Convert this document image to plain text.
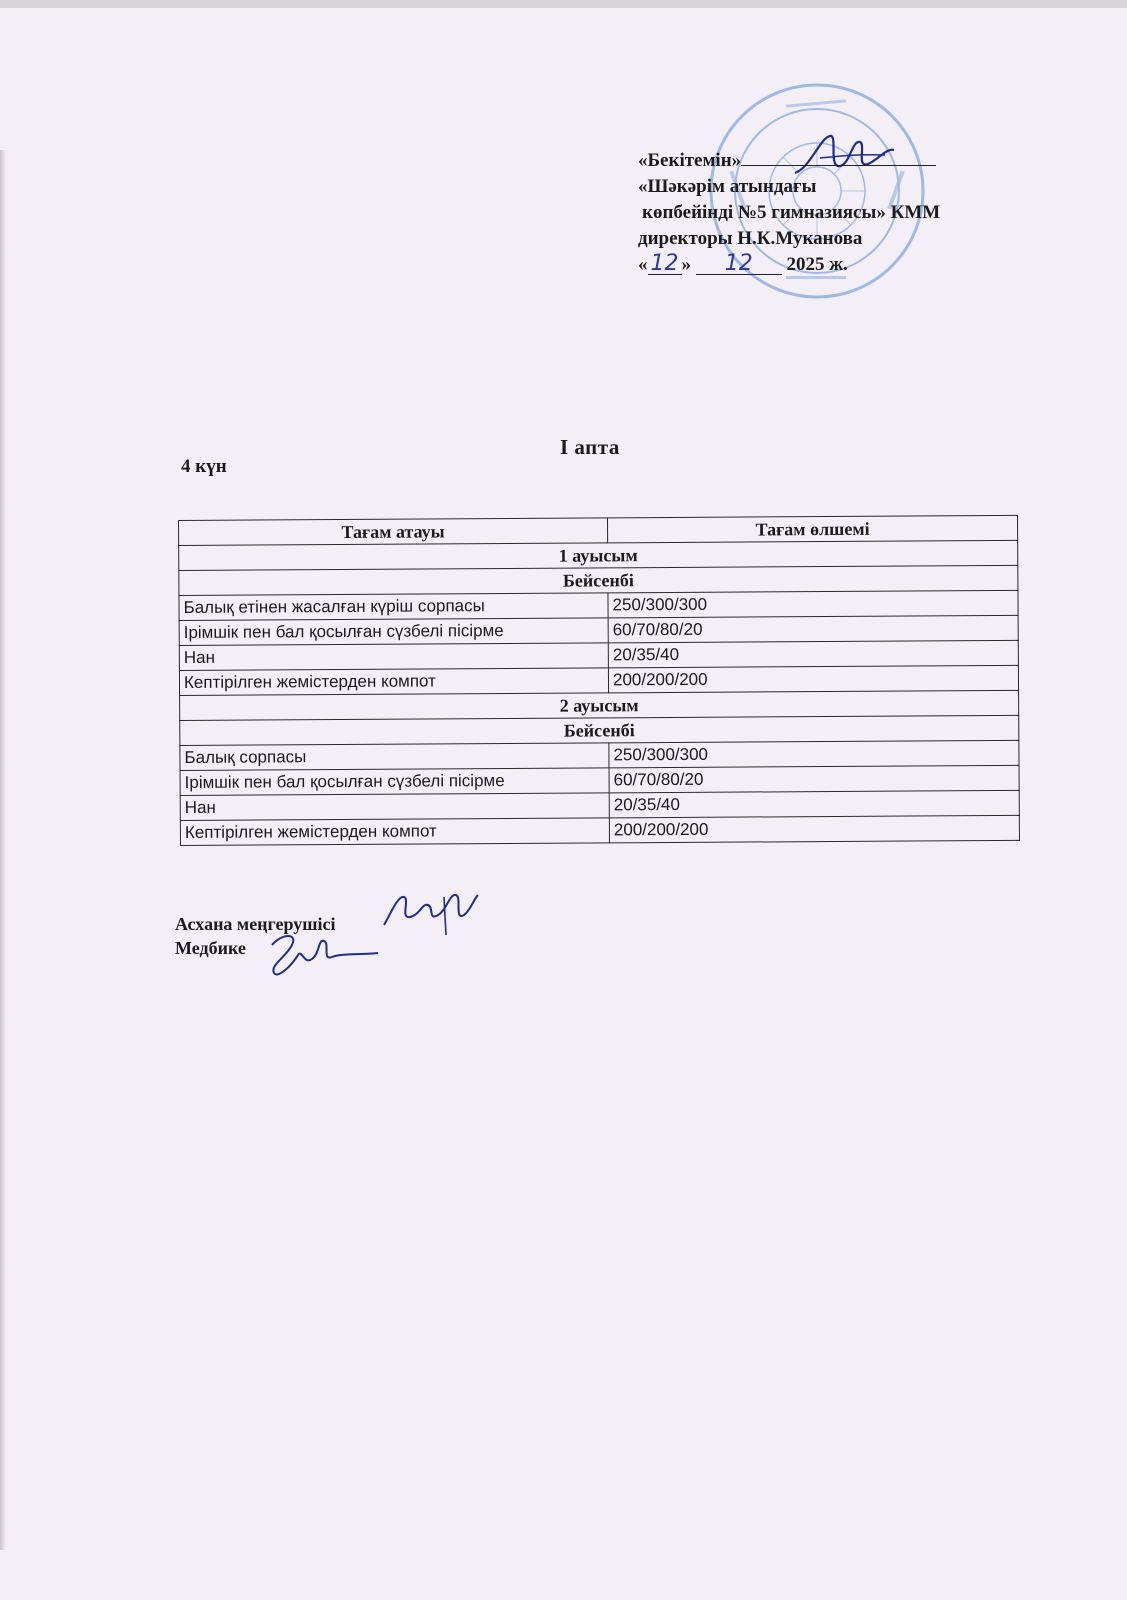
«Бекітемін»
«Шәкәрім атындағы
көпбейінді №5 гимназиясы» КММ
директоры Н.К.Муканова
« 12 » 12 2025 ж.
I апта
4 күн
Тағам атауы	Тағам өлшемі
1 ауысым	
Бейсенбі	
Балық етінен жасалған күріш сорпасы	250/300/300
Ірімшік пен бал қосылған сүзбелі пісірме	60/70/80/20
Нан	20/35/40
Кептірілген жемістерден компот	200/200/200
2 ауысым	
Бейсенбі	
Балық сорпасы	250/300/300
Ірімшік пен бал қосылған сүзбелі пісірме	60/70/80/20
Нан	20/35/40
Кептірілген жемістерден компот	200/200/200
Асхана меңгерушісі
Медбике
